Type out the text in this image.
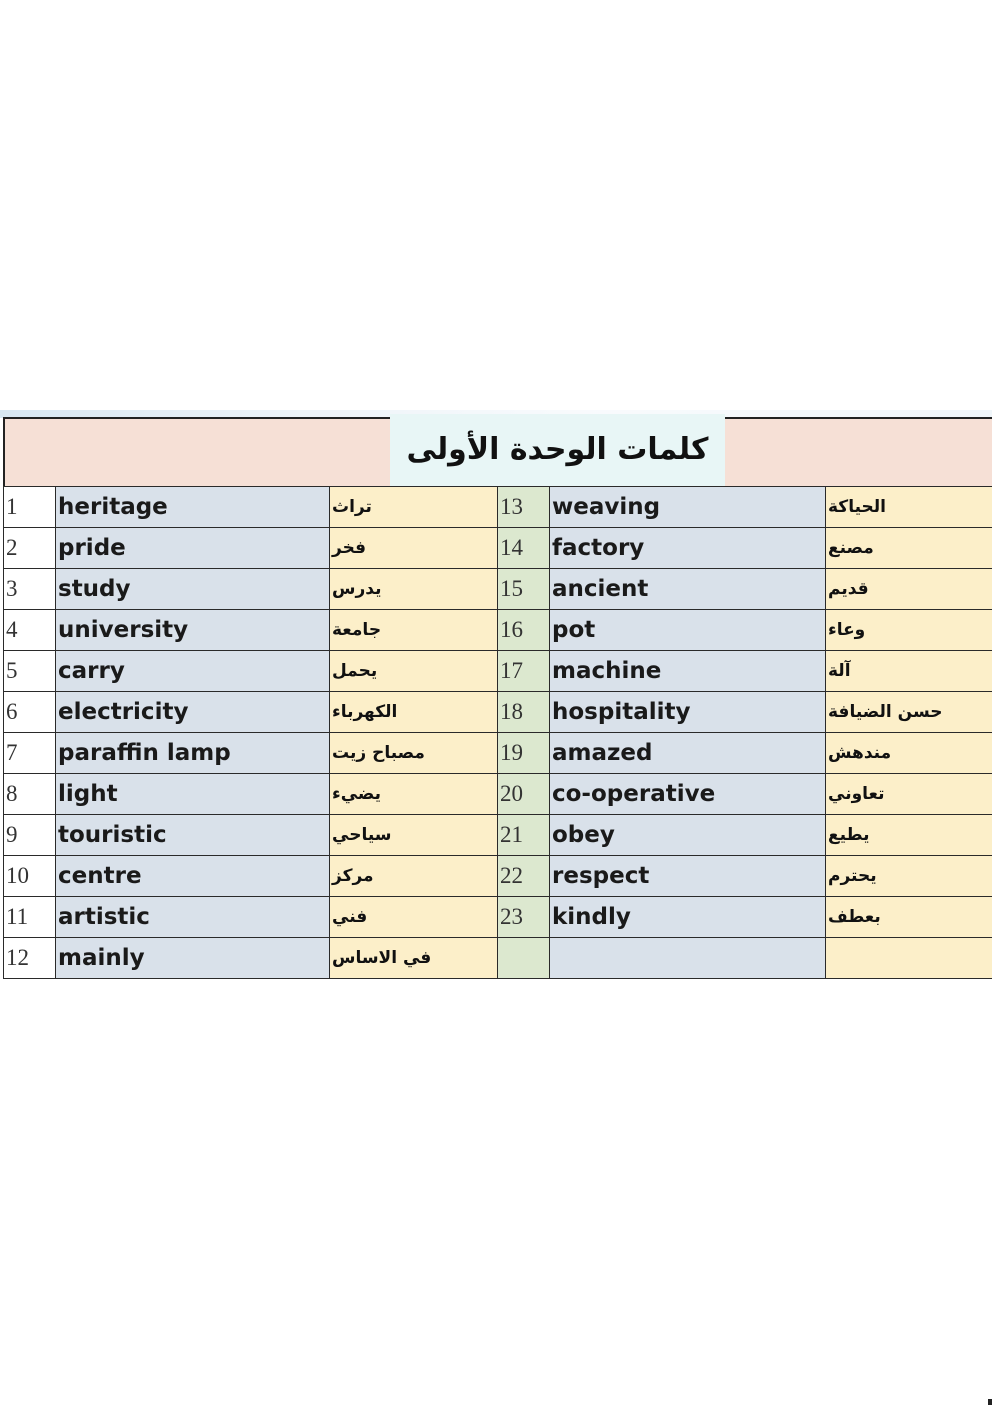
كلمات الوحدة الأولى
1	heritage	تراث	13	weaving	الحياكة
2	pride	فخر	14	factory	مصنع
3	study	يدرس	15	ancient	قديم
4	university	جامعة	16	pot	وعاء
5	carry	يحمل	17	machine	آلة
6	electricity	الكهرباء	18	hospitality	حسن الضيافة
7	paraffin lamp	مصباح زيت	19	amazed	مندهش
8	light	يضيء	20	co-operative	تعاوني
9	touristic	سياحي	21	obey	يطيع
10	centre	مركز	22	respect	يحترم
11	artistic	فني	23	kindly	بعطف
12	mainly	في الاساس			
